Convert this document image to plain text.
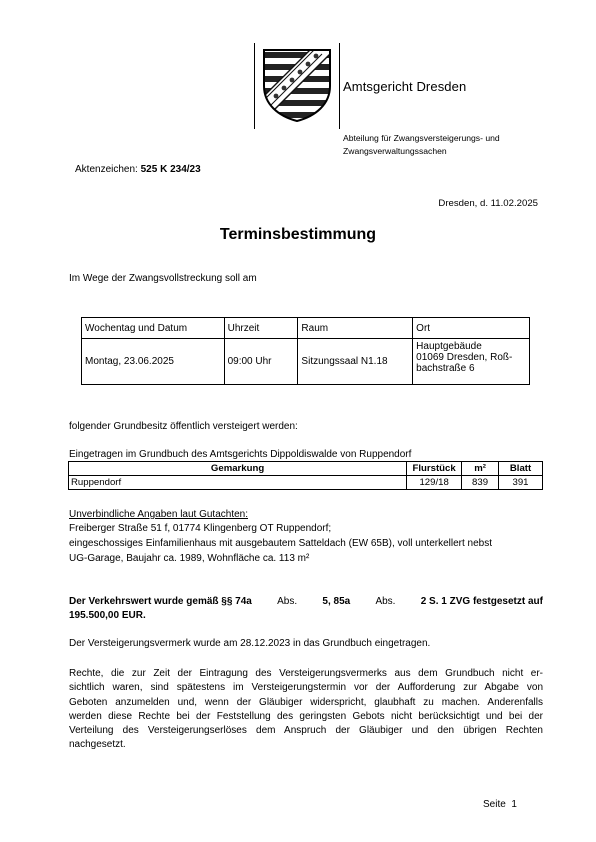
Amtsgericht Dresden
Abteilung für Zwangsversteigerungs- und
Zwangsverwaltungssachen
Aktenzeichen: 525 K 234/23
Dresden, d. 11.02.2025
Terminsbestimmung
Im Wege der Zwangsvollstreckung soll am
Wochentag und Datum	Uhrzeit	Raum	Ort
Montag, 23.06.2025	09:00 Uhr	Sitzungssaal N1.18	Hauptgebäude
01069 Dresden, Roß-
bachstraße 6
folgender Grundbesitz öffentlich versteigert werden:
Eingetragen im Grundbuch des Amtsgerichts Dippoldiswalde von Ruppendorf
Gemarkung	Flurstück	m²	Blatt
Ruppendorf	129/18	839	391
Unverbindliche Angaben laut Gutachten:
Freiberger Straße 51 f, 01774 Klingenberg OT Ruppendorf;
eingeschossiges Einfamilienhaus mit ausgebautem Satteldach (EW 65B), voll unterkellert nebst
UG-Garage, Baujahr ca. 1989, Wohnfläche ca. 113 m²
Der Verkehrswert wurde gemäß §§ 74a	Abs.	5, 85a	Abs.	2 S. 1 ZVG festgesetzt auf
195.500,00 EUR.
Der Versteigerungsvermerk wurde am 28.12.2023 in das Grundbuch eingetragen.
Rechte, die zur Zeit der Eintragung des Versteigerungsvermerks aus dem Grundbuch nicht er-
sichtlich waren, sind spätestens im Versteigerungstermin vor der Aufforderung zur Abgabe von
Geboten anzumelden und, wenn der Gläubiger widerspricht, glaubhaft zu machen. Anderenfalls
werden diese Rechte bei der Feststellung des geringsten Gebots nicht berücksichtigt und bei der
Verteilung des Versteigerungserlöses dem Anspruch der Gläubiger und den übrigen Rechten
nachgesetzt.
Seite 1
